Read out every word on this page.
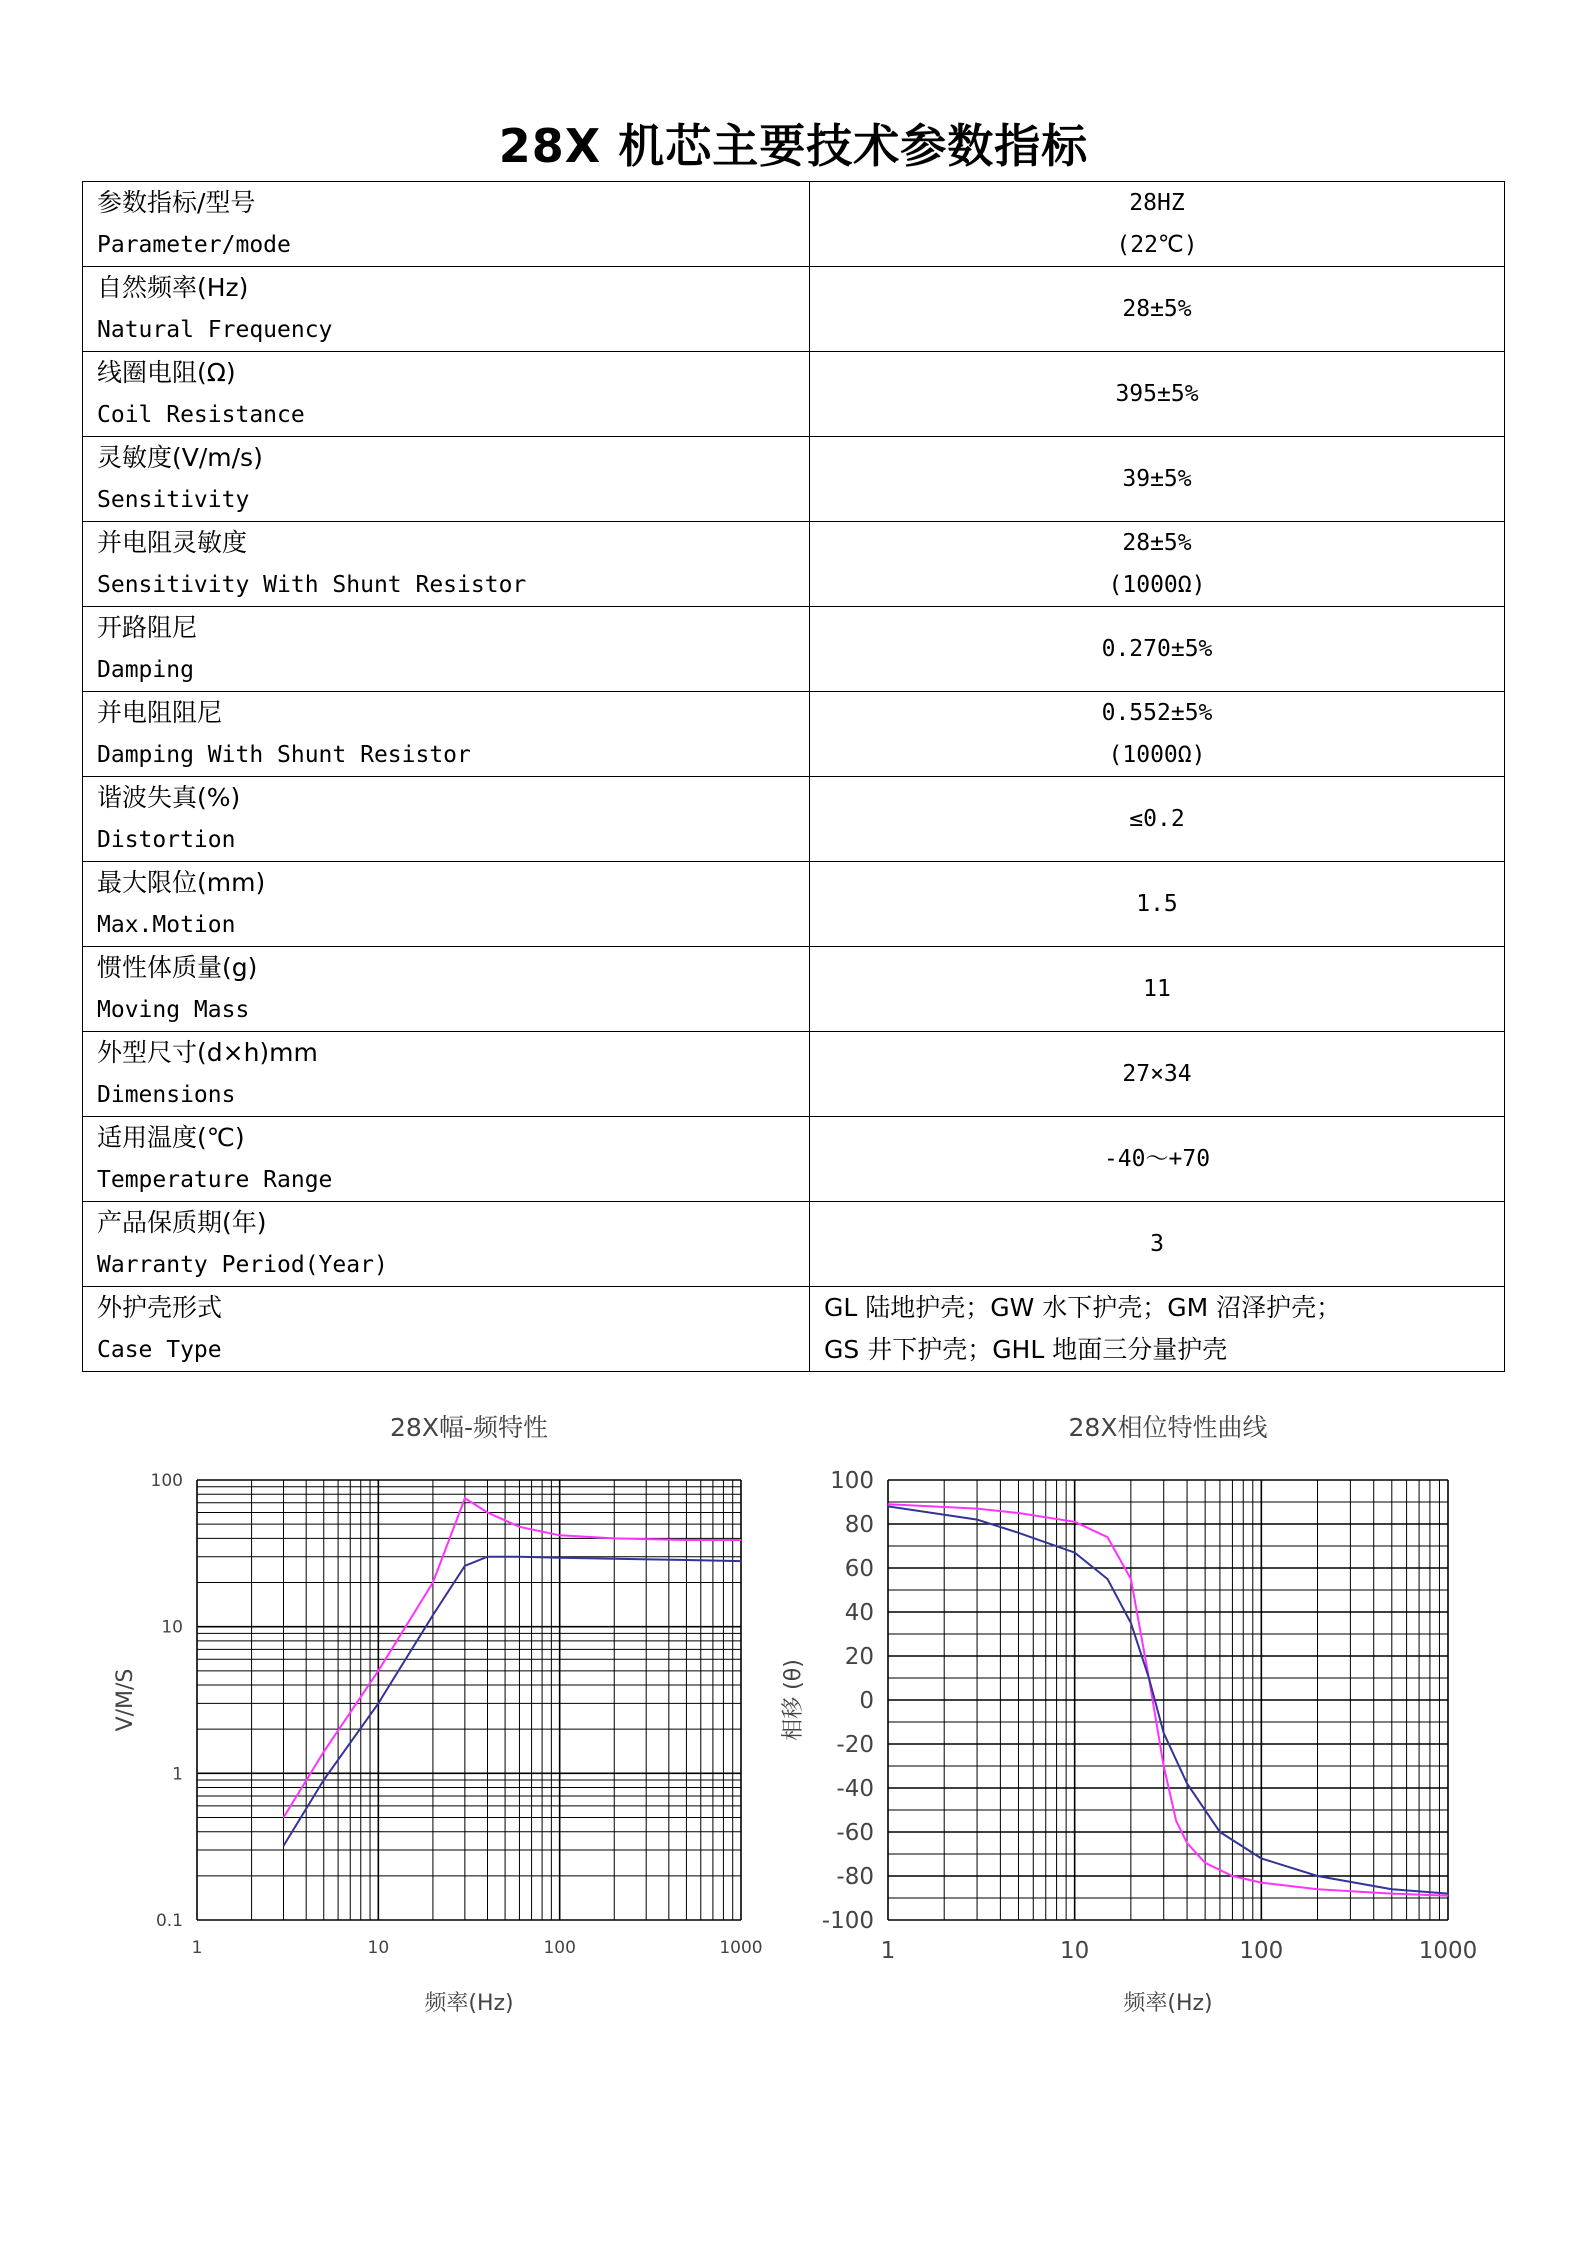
28X 机芯主要技术参数指标
参数指标/型号
Parameter/mode	28HZ
(22℃)

自然频率(Hz)
Natural Frequency	28±5%

线圈电阻(Ω)
Coil Resistance	395±5%

灵敏度(V/m/s)
Sensitivity	39±5%

并电阻灵敏度
Sensitivity With Shunt Resistor	28±5%
(1000Ω)

开路阻尼
Damping	0.270±5%

并电阻阻尼
Damping With Shunt Resistor	0.552±5%
(1000Ω)

谐波失真(%)
Distortion	≤0.2

最大限位(mm)
Max.Motion	1.5

惯性体质量(g)
Moving Mass	11

外型尺寸(d×h)mm
Dimensions	27×34

适用温度(℃)
Temperature Range	-40～+70

产品保质期(年)
Warranty Period(Year)	3

外护壳形式
Case Type	GL 陆地护壳；GW 水下护壳；GM 沼泽护壳；
GS 井下护壳；GHL 地面三分量护壳
1	10	100	1000
0.1
1
10
100
28X幅-频特性
频率(Hz)
V/M/S
1	10	100	1000
100
80
60
40
20
0
-20
-40
-60
-80
-100
28X相位特性曲线
频率(Hz)
相移 (θ)
